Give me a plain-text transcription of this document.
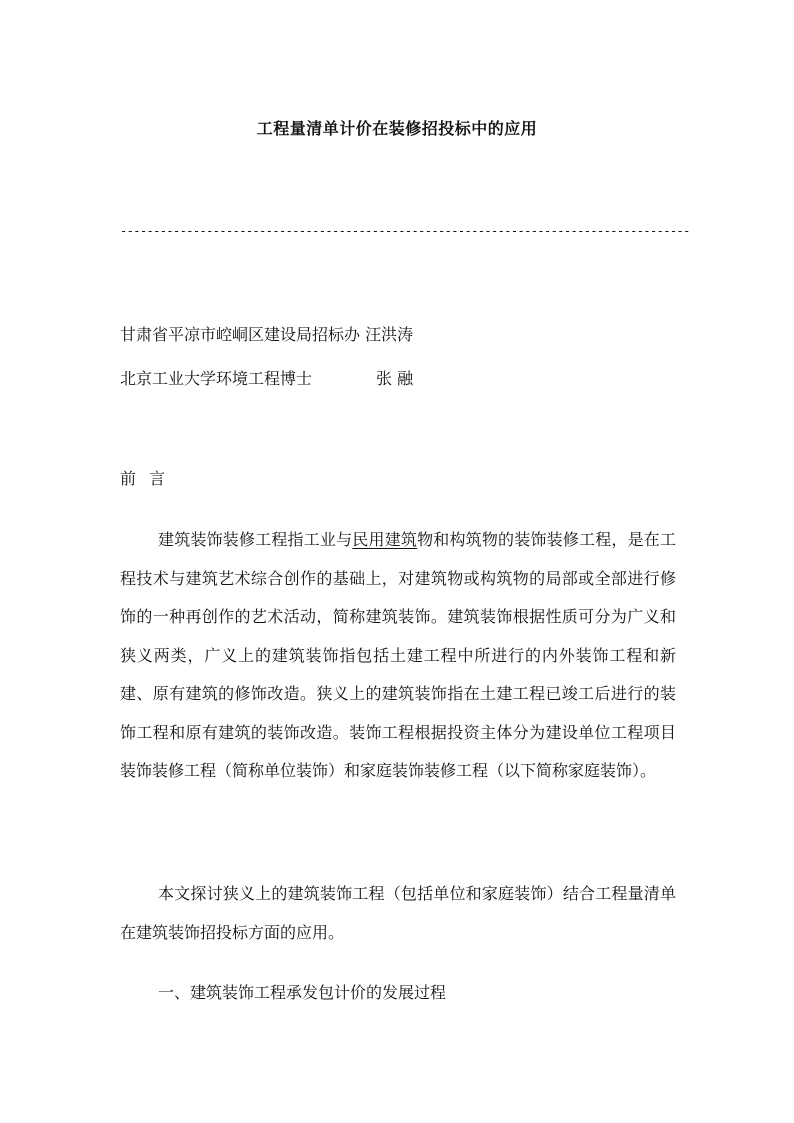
工程量清单计价在装修招投标中的应用
--------------------------------------------------------------------------------------
甘肃省平凉市崆峒区建设局招标办 汪洪涛
北京工业大学环境工程博士	张 融
前 言

建筑装饰装修工程指工业与民用建筑物和构筑物的装饰装修工程，是在工程技术与建筑艺术综合创作的基础上，对建筑物或构筑物的局部或全部进行修饰的一种再创作的艺术活动，简称建筑装饰。建筑装饰根据性质可分为广义和狭义两类，广义上的建筑装饰指包括土建工程中所进行的内外装饰工程和新建、原有建筑的修饰改造。狭义上的建筑装饰指在土建工程已竣工后进行的装饰工程和原有建筑的装饰改造。装饰工程根据投资主体分为建设单位工程项目装饰装修工程（简称单位装饰）和家庭装饰装修工程（以下简称家庭装饰）。

本文探讨狭义上的建筑装饰工程（包括单位和家庭装饰）结合工程量清单在建筑装饰招投标方面的应用。

一、建筑装饰工程承发包计价的发展过程
